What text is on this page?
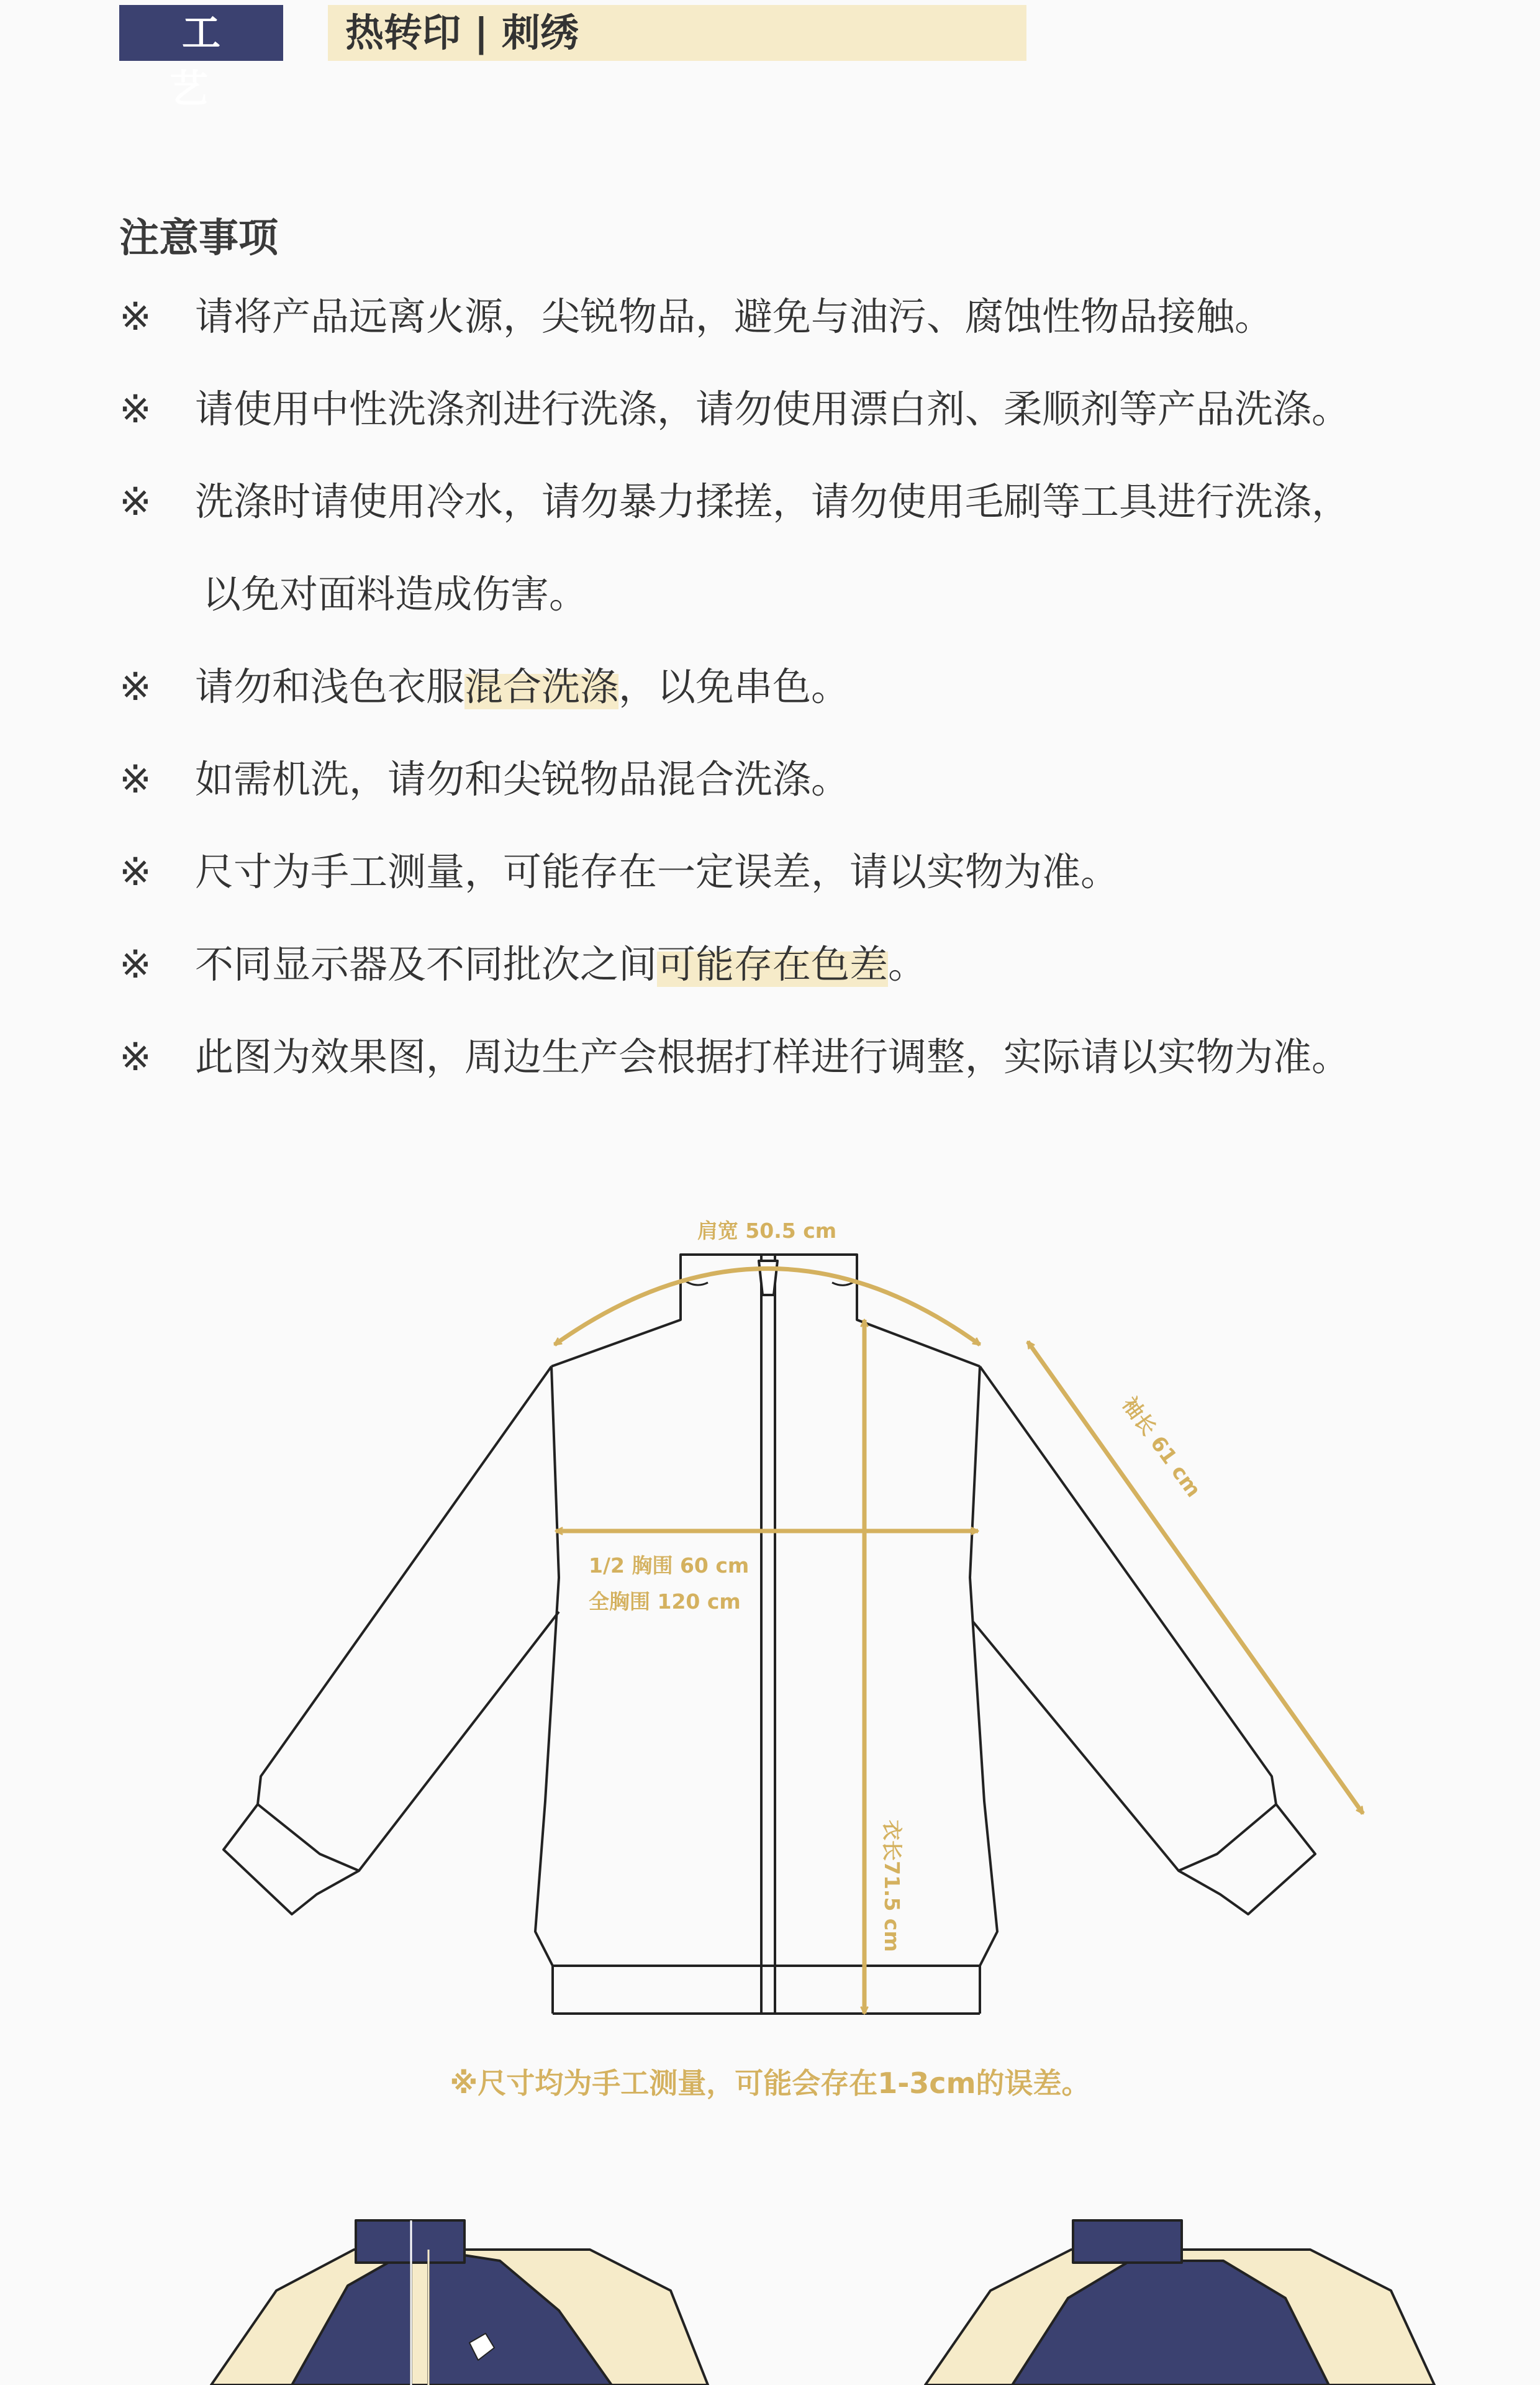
工 艺
热转印 | 刺绣
注意事项
※	请将产品远离火源，尖锐物品，避免与油污、腐蚀性物品接触。
※	请使用中性洗涤剂进行洗涤，请勿使用漂白剂、柔顺剂等产品洗涤。
※	洗涤时请使用冷水，请勿暴力揉搓，请勿使用毛刷等工具进行洗涤，
以免对面料造成伤害。
※	请勿和浅色衣服混合洗涤，以免串色。
※	如需机洗，请勿和尖锐物品混合洗涤。
※	尺寸为手工测量，可能存在一定误差，请以实物为准。
※	不同显示器及不同批次之间可能存在色差。
※	此图为效果图，周边生产会根据打样进行调整，实际请以实物为准。
肩宽 50.5 cm
1/2 胸围 60 cm
全胸围 120 cm
衣长71.5 cm
袖长 61 cm
※尺寸均为手工测量，可能会存在1-3cm的误差。
